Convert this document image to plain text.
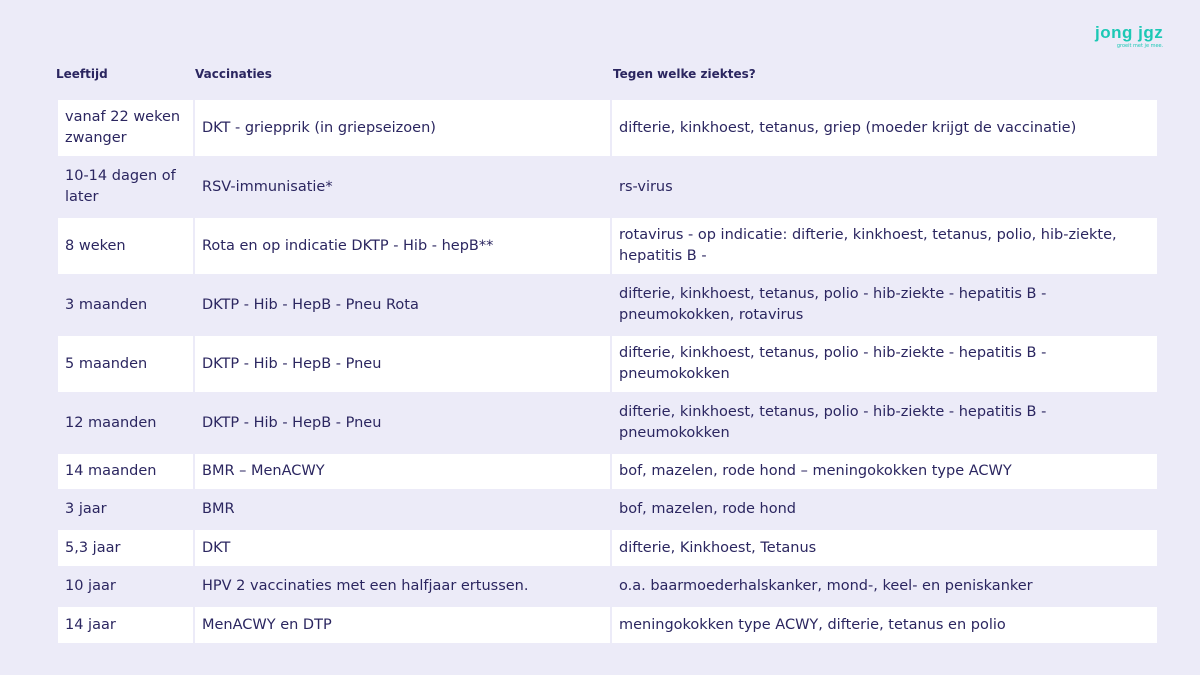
jong jgz
groeit met je mee.
Leeftijd	Vaccinaties	Tegen welke ziektes?
vanaf 22 weken zwanger	DKT - griepprik (in griepseizoen)	difterie, kinkhoest, tetanus, griep (moeder krijgt de vaccinatie)
10-14 dagen of later	RSV-immunisatie*	rs-virus
8 weken	Rota en op indicatie DKTP - Hib - hepB**	rotavirus - op indicatie: difterie, kinkhoest, tetanus, polio, hib-ziekte, hepatitis B -
3 maanden	DKTP - Hib - HepB - Pneu Rota	difterie, kinkhoest, tetanus, polio - hib-ziekte - hepatitis B - pneumokokken, rotavirus
5 maanden	DKTP - Hib - HepB - Pneu	difterie, kinkhoest, tetanus, polio - hib-ziekte - hepatitis B - pneumokokken
12 maanden	DKTP - Hib - HepB - Pneu	difterie, kinkhoest, tetanus, polio - hib-ziekte - hepatitis B - pneumokokken
14 maanden	BMR – MenACWY	bof, mazelen, rode hond – meningokokken type ACWY
3 jaar	BMR	bof, mazelen, rode hond
5,3 jaar	DKT	difterie, Kinkhoest, Tetanus
10 jaar	HPV 2 vaccinaties met een halfjaar ertussen.	o.a. baarmoederhalskanker, mond-, keel- en peniskanker
14 jaar	MenACWY en DTP	meningokokken type ACWY, difterie, tetanus en polio
